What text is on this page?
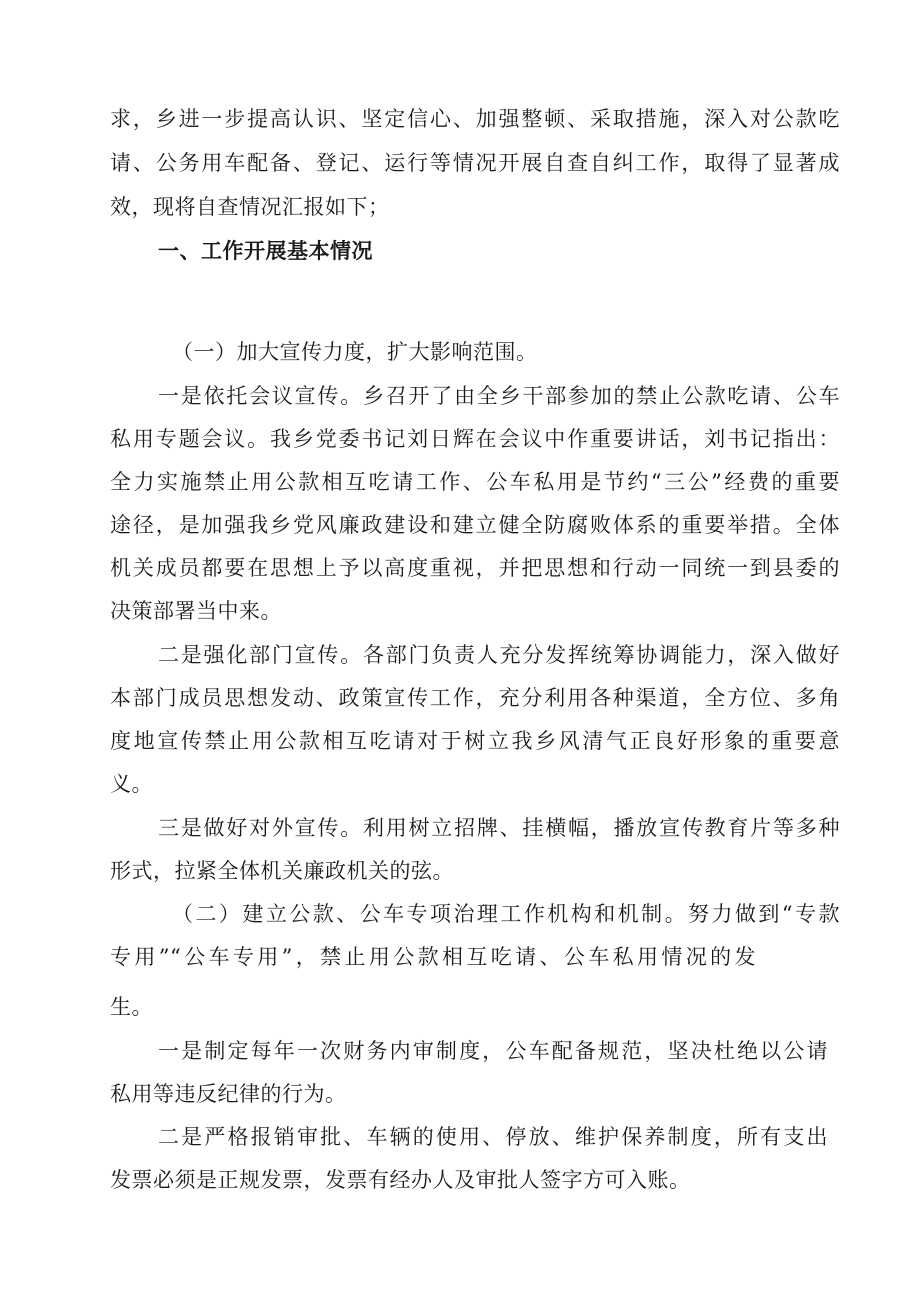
求，乡进一步提高认识、坚定信心、加强整顿、采取措施，深入对公款吃
请、公务用车配备、登记、运行等情况开展自查自纠工作，取得了显著成
效，现将自查情况汇报如下；
一、工作开展基本情况
（一）加大宣传力度，扩大影响范围。
一是依托会议宣传。乡召开了由全乡干部参加的禁止公款吃请、公车
私用专题会议。我乡党委书记刘日辉在会议中作重要讲话，刘书记指出：
全力实施禁止用公款相互吃请工作、公车私用是节约“三公”经费的重要
途径，是加强我乡党风廉政建设和建立健全防腐败体系的重要举措。全体
机关成员都要在思想上予以高度重视，并把思想和行动一同统一到县委的
决策部署当中来。
二是强化部门宣传。各部门负责人充分发挥统筹协调能力，深入做好
本部门成员思想发动、政策宣传工作，充分利用各种渠道，全方位、多角
度地宣传禁止用公款相互吃请对于树立我乡风清气正良好形象的重要意
义。
三是做好对外宣传。利用树立招牌、挂横幅，播放宣传教育片等多种
形式，拉紧全体机关廉政机关的弦。
（二）建立公款、公车专项治理工作机构和机制。努力做到“专款
专用”“公车专用”，禁止用公款相互吃请、公车私用情况的发
生。
一是制定每年一次财务内审制度，公车配备规范，坚决杜绝以公请
私用等违反纪律的行为。
二是严格报销审批、车辆的使用、停放、维护保养制度，所有支出
发票必须是正规发票，发票有经办人及审批人签字方可入账。
